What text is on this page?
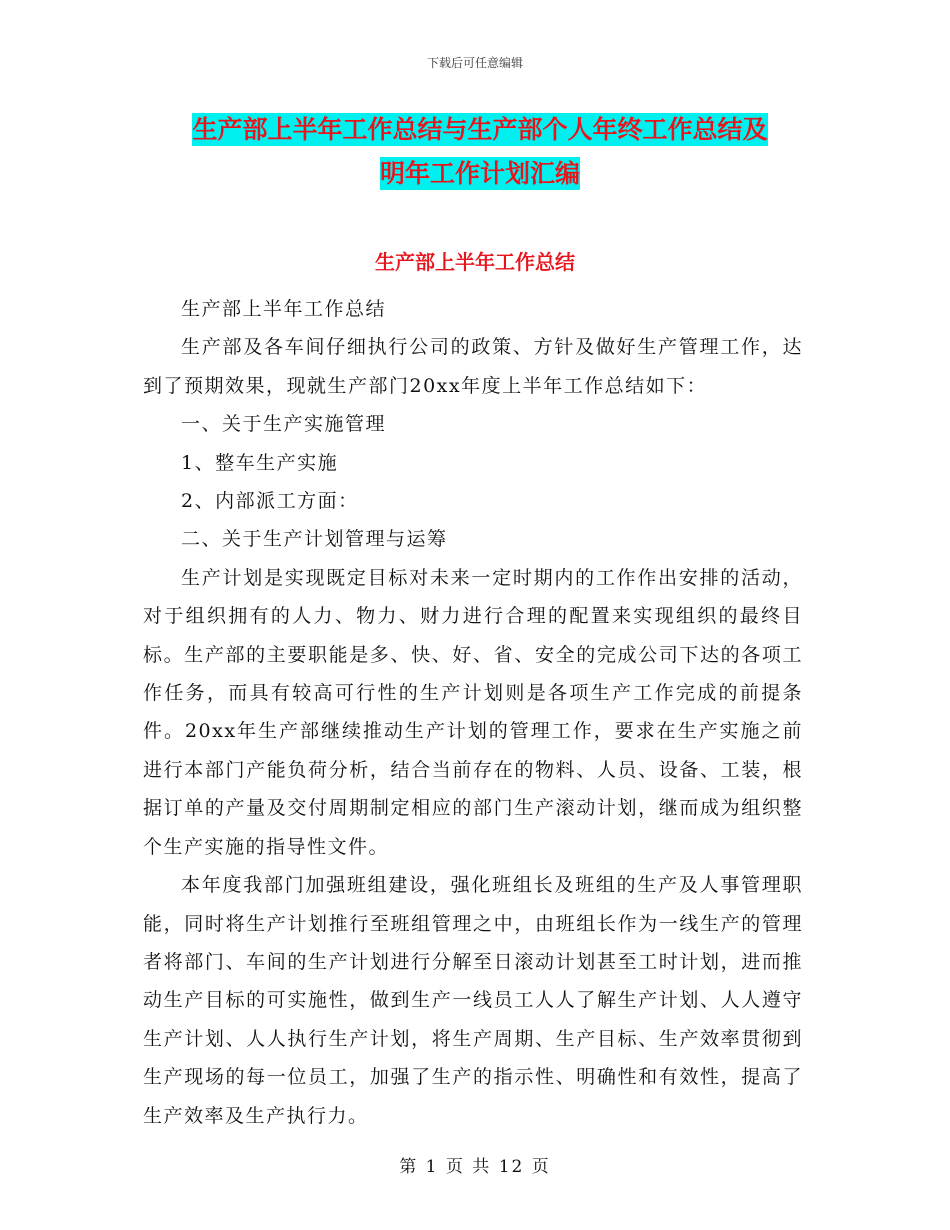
下载后可任意编辑
生产部上半年工作总结与生产部个人年终工作总结及
明年工作计划汇编
生产部上半年工作总结

生产部上半年工作总结

生产部及各车间仔细执行公司的政策、方针及做好生产管理工作，达到了预期效果，现就生产部门20xx年度上半年工作总结如下：

一、关于生产实施管理

1、整车生产实施

2、内部派工方面：

二、关于生产计划管理与运筹

生产计划是实现既定目标对未来一定时期内的工作作出安排的活动，对于组织拥有的人力、物力、财力进行合理的配置来实现组织的最终目标。生产部的主要职能是多、快、好、省、安全的完成公司下达的各项工作任务，而具有较高可行性的生产计划则是各项生产工作完成的前提条件。20xx年生产部继续推动生产计划的管理工作，要求在生产实施之前进行本部门产能负荷分析，结合当前存在的物料、人员、设备、工装，根据订单的产量及交付周期制定相应的部门生产滚动计划，继而成为组织整个生产实施的指导性文件。

本年度我部门加强班组建设，强化班组长及班组的生产及人事管理职能，同时将生产计划推行至班组管理之中，由班组长作为一线生产的管理者将部门、车间的生产计划进行分解至日滚动计划甚至工时计划，进而推动生产目标的可实施性，做到生产一线员工人人了解生产计划、人人遵守生产计划、人人执行生产计划，将生产周期、生产目标、生产效率贯彻到生产现场的每一位员工，加强了生产的指示性、明确性和有效性，提高了生产效率及生产执行力。

第 1 页 共 12 页
